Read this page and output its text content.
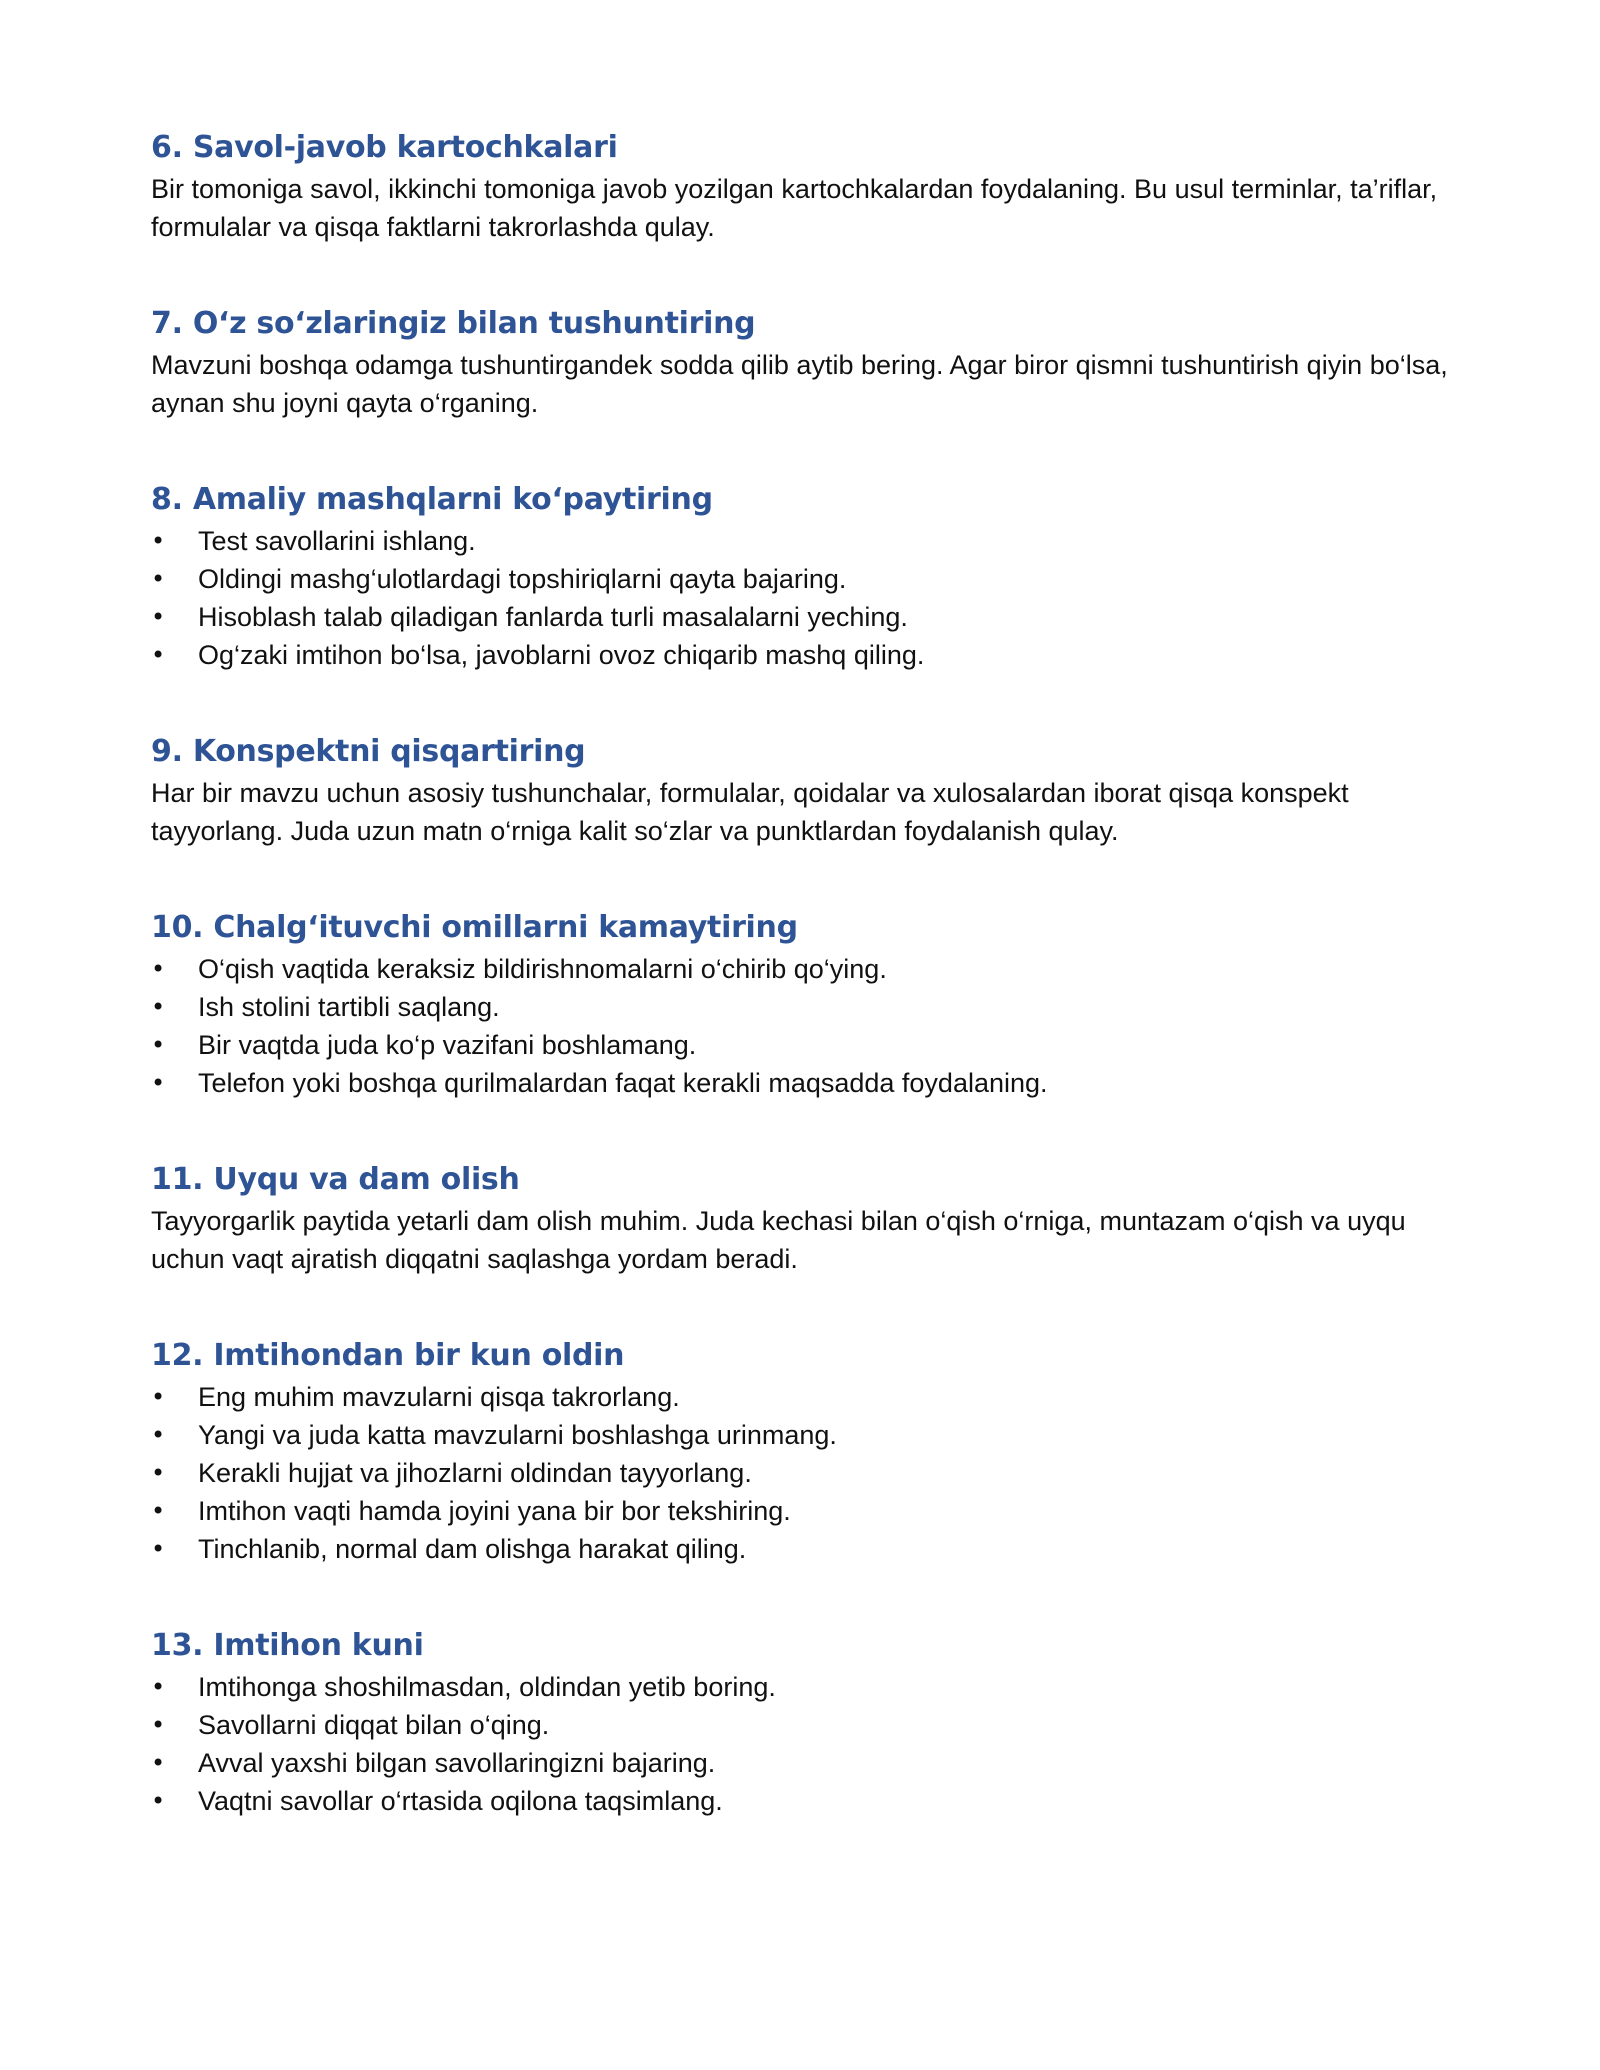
6. Savol-javob kartochkalari

Bir tomoniga savol, ikkinchi tomoniga javob yozilgan kartochkalardan foydalaning. Bu usul terminlar, ta’riflar, formulalar va qisqa faktlarni takrorlashda qulay.

7. O‘z so‘zlaringiz bilan tushuntiring

Mavzuni boshqa odamga tushuntirgandek sodda qilib aytib bering. Agar biror qismni tushuntirish qiyin bo‘lsa, aynan shu joyni qayta o‘rganing.

8. Amaliy mashqlarni ko‘paytiring
• Test savollarini ishlang.
• Oldingi mashg‘ulotlardagi topshiriqlarni qayta bajaring.
• Hisoblash talab qiladigan fanlarda turli masalalarni yeching.
• Og‘zaki imtihon bo‘lsa, javoblarni ovoz chiqarib mashq qiling.
9. Konspektni qisqartiring

Har bir mavzu uchun asosiy tushunchalar, formulalar, qoidalar va xulosalardan iborat qisqa konspekt tayyorlang. Juda uzun matn o‘rniga kalit so‘zlar va punktlardan foydalanish qulay.

10. Chalg‘ituvchi omillarni kamaytiring
• O‘qish vaqtida keraksiz bildirishnomalarni o‘chirib qo‘ying.
• Ish stolini tartibli saqlang.
• Bir vaqtda juda ko‘p vazifani boshlamang.
• Telefon yoki boshqa qurilmalardan faqat kerakli maqsadda foydalaning.
11. Uyqu va dam olish

Tayyorgarlik paytida yetarli dam olish muhim. Juda kechasi bilan o‘qish o‘rniga, muntazam o‘qish va uyqu uchun vaqt ajratish diqqatni saqlashga yordam beradi.

12. Imtihondan bir kun oldin
• Eng muhim mavzularni qisqa takrorlang.
• Yangi va juda katta mavzularni boshlashga urinmang.
• Kerakli hujjat va jihozlarni oldindan tayyorlang.
• Imtihon vaqti hamda joyini yana bir bor tekshiring.
• Tinchlanib, normal dam olishga harakat qiling.
13. Imtihon kuni
• Imtihonga shoshilmasdan, oldindan yetib boring.
• Savollarni diqqat bilan o‘qing.
• Avval yaxshi bilgan savollaringizni bajaring.
• Vaqtni savollar o‘rtasida oqilona taqsimlang.
